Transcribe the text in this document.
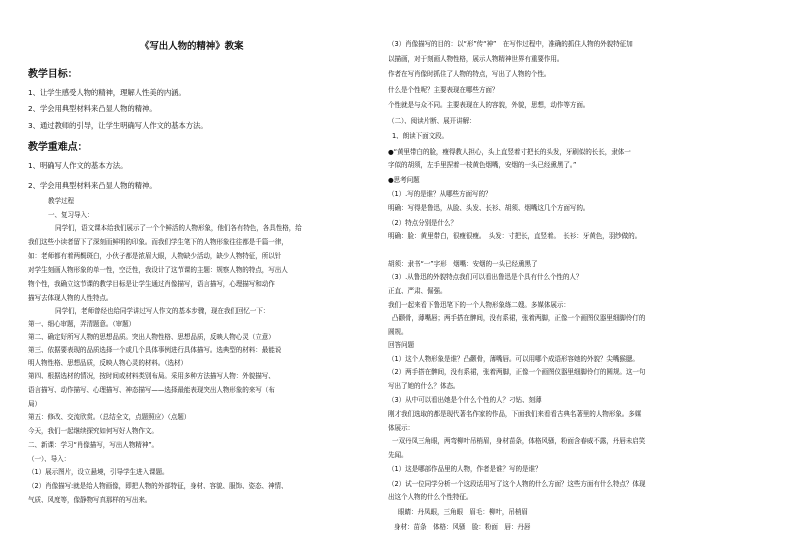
《写出人物的精神》教案
教学目标：
1、让学生感受人物的精神，理解人性美的内涵。
2、学会用典型材料来凸显人物的精神。
3、通过教师的引导，让学生明确写人作文的基本方法。
教学重难点：
1、明确写人作文的基本方法。
2、学会用典型材料来凸显人物的精神。
教学过程
一、复习导入：
同学们，语文课本给我们展示了一个个鲜活的人物形象，他们各有特色，各具性格，给
我们这些小读者留下了深刻而鲜明的印象。而我们学生笔下的人物形象往往都是千篇一律，
如：老师都有着两鬓斑白，小伙子都是浓眉大眼，人物缺少活动，缺少人物特征，所以针
对学生刻画人物形象的单一性，空泛性，我设计了这节课的主题：规察人物的特点，写出人
物个性，我确立这节课的教学目标是让学生通过肖像描写，语言描写，心理描写和动作
描写去体现人物的人性特点。
同学们，老师曾经也给同学讲过写人作文的基本步骤，现在我们回忆一下：
第一、细心审题，弄清题意。（审题）
第二、确定好所写人物的思想品质。突出人物性格、思想品质，反映人物心灵（立意）
第三、依据要表现的品质选择一个或几个具体事例进行具体描写。选典型的材料：最能说
明人物性格、思想品质，反映人物心灵的材料。（选材）
第四、根据选材的情况，按时间或材料类别布局。采用多种方法描写人物：外貌描写、
语言描写、动作描写、心理描写、神态描写——选择最能表现突出人物形象的来写（布
局）
第五：修改、交流欣赏。（总结全文，点题照应）（点题）
今天，我们一起继续探究如何写好人物作文。
二、新课：学习“肖像描写，写出人物精神”。
（一）、导入：
（1）展示图片，设立悬境，引导学生进入课题。
（2）肖像描写:就是给人物画像，即把人物的外部特征，身材、容貌、服饰、姿态、神情、
气质、风度等，像静物写真那样的写出来。
（3）肖像描写的目的：以“形”传“神”　在写作过程中，准确的抓住人物的外貌特征加
以描画，对于刻画人物性格，展示人物精神世界有重要作用。
作者在写肖像时抓住了人物的特点，写出了人物的个性。
什么是个性呢？主要表现在哪些方面？
个性就是与众不同。主要表现在人的容貌，外貌，思想，动作等方面。
（二）、阅读片断、展开讲解：
1、朗读下面文段。
●“黄里带白的脸，瘦得教人担心，头上直竖着寸把长的头发，牙刷似的长长，隶体一
字似的胡须，左手里捏着一枝黄色烟嘴，安烟的一头已经熏黑了。”
●思考问题
（1）.写的是谁？从哪些方面写的？
明确：写得是鲁迅，从脸、头发、长衫、胡须、烟嘴这几个方面写的。
（2）特点分别是什么？
明确：脸：黄里带白，很瘦很瘦。　头发：寸把长，直竖着。　长衫：牙黄色，羽纱做的。
胡须：隶书“一”字形　烟嘴：安烟的一头已经熏黑了
（3）.从鲁迅的外貌特点我们可以看出鲁迅是个具有什么个性的人？
正直、严肃、倔强。
我们一起来看下鲁迅笔下的一个人物形象练二嫂。多媒体展示：
凸颧骨，薄嘴唇；两手搭在髀间，没有系裙，张着两脚，正像一个画图仪器里细脚伶仃的
圆规。
回答问题
（1）这个人物形象是谁？凸颧骨，薄嘴唇。可以用哪个成语形容她的外貌？尖嘴猴腮。
（2）两手搭在髀间，没有系裙，张着两脚，正像一个画图仪器里细脚伶仃的圆规。这一句
写出了她的什么？体态。
（3）从中可以看出她是个什么个性的人？刁钻、刻薄
刚才我们选取的都是现代著名作家的作品，下面我们来看看古典名著里的人物形象。多媒
体展示：
一双丹凤三角眼，两弯柳叶吊梢眉，身材苗条，体格风骚，粉面含春威不露，丹唇未启笑
先闻。
（1）这是哪部作品里的人物，作者是谁？写的是谁？
（2）试一位同学分析一个这段话用写了这个人物的什么方面？这些方面有什么特点？体现
出这个人物的什么个性特征。
眼睛：丹凤眼，三角眼　眉毛：柳叶，吊梢眉
身材：苗条　体格：风骚　脸：粉面　唇：丹唇
